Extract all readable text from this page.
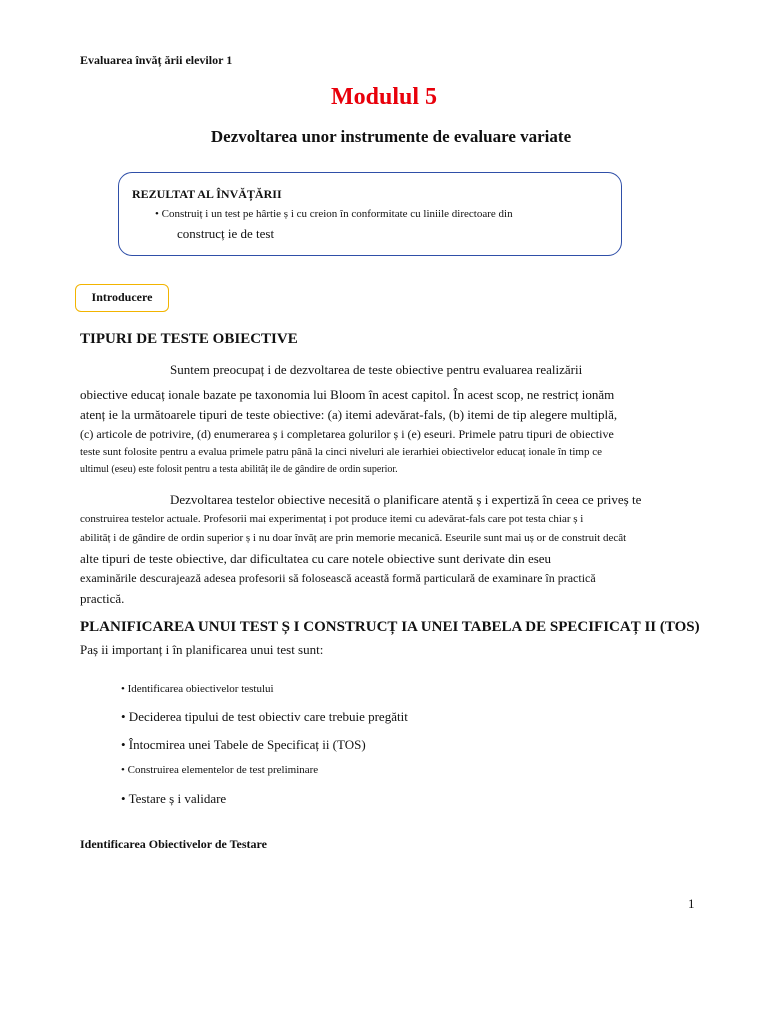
Evaluarea învăț ării elevilor 1
Modulul 5
Dezvoltarea unor instrumente de evaluare variate
REZULTAT AL ÎNVĂȚĂRII
• Construiț i un test pe hârtie ș i cu creion în conformitate cu liniile directoare din
construcț ie de test
Introducere
TIPURI DE TESTE OBIECTIVE
Suntem preocupaț i de dezvoltarea de teste obiective pentru evaluarea realizării
obiective educaț ionale bazate pe taxonomia lui Bloom în acest capitol. În acest scop, ne restricț ionăm
atenț ie la următoarele tipuri de teste obiective: (a) itemi adevărat-fals, (b) itemi de tip alegere multiplă,
(c) articole de potrivire, (d) enumerarea ș i completarea golurilor ș i (e) eseuri. Primele patru tipuri de obiective
teste sunt folosite pentru a evalua primele patru până la cinci niveluri ale ierarhiei obiectivelor educaț ionale în timp ce
ultimul (eseu) este folosit pentru a testa abilităț ile de gândire de ordin superior.
Dezvoltarea testelor obiective necesită o planificare atentă ș i expertiză în ceea ce priveș te
construirea testelor actuale. Profesorii mai experimentaț i pot produce itemi cu adevărat-fals care pot testa chiar ș i
abilităț i de gândire de ordin superior ș i nu doar învăț are prin memorie mecanică. Eseurile sunt mai uș or de construit decât
alte tipuri de teste obiective, dar dificultatea cu care notele obiective sunt derivate din eseu
examinările descurajează adesea profesorii să folosească această formă particulară de examinare în practică
practică.
PLANIFICAREA UNUI TEST Ș I CONSTRUCȚ IA UNEI TABELA DE SPECIFICAȚ II (TOS)
Paș ii importanț i în planificarea unui test sunt:
• Identificarea obiectivelor testului
• Deciderea tipului de test obiectiv care trebuie pregătit
• Întocmirea unei Tabele de Specificaț ii (TOS)
• Construirea elementelor de test preliminare
• Testare ș i validare
Identificarea Obiectivelor de Testare
1
